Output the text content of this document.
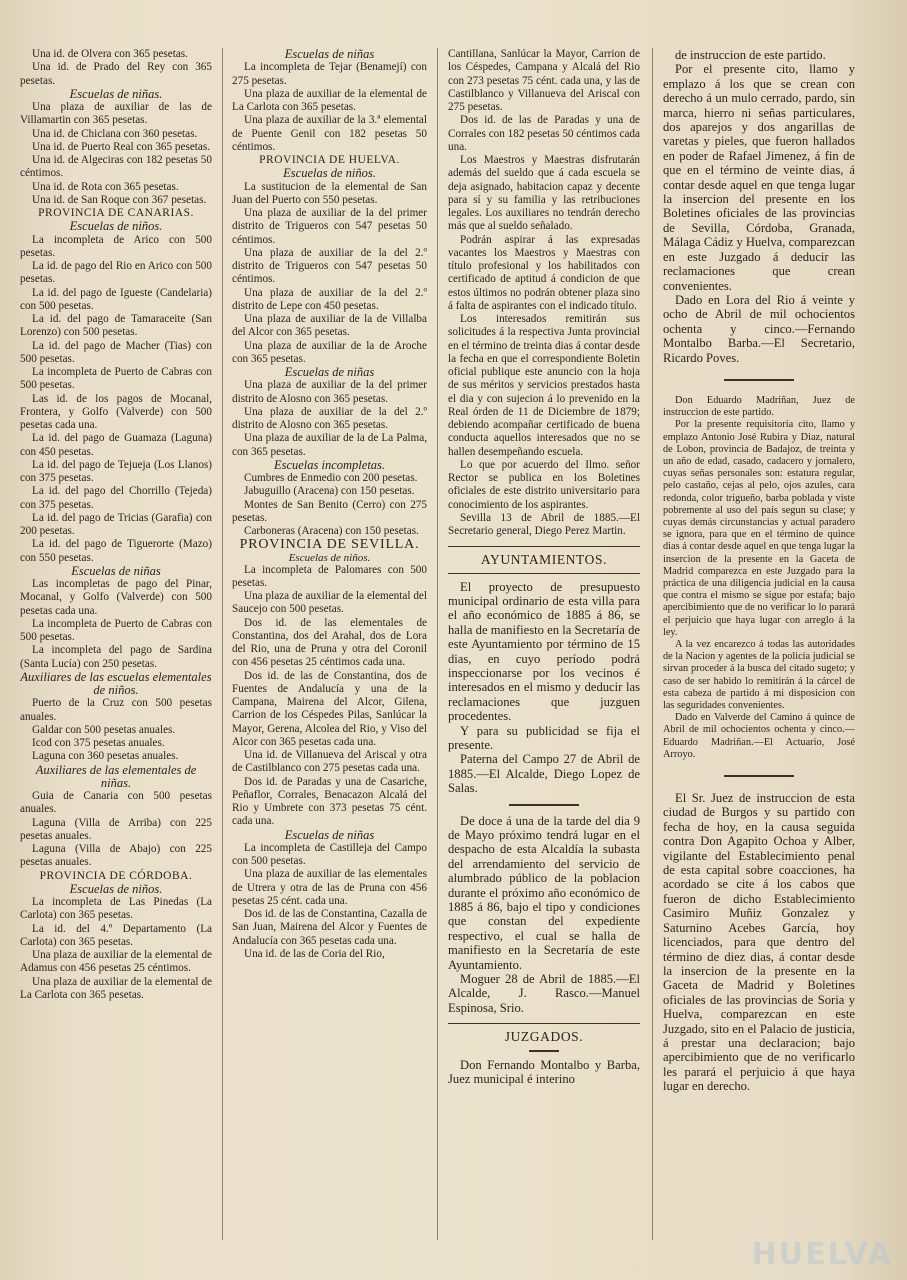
Una id. de Olvera con 365 pesetas.

Una id. de Prado del Rey con 365 pesetas.

Escuelas de niñas.

Una plaza de auxiliar de las de Villamartin con 365 pesetas.

Una id. de Chiclana con 360 pesetas.

Una id. de Puerto Real con 365 pesetas.

Una id. de Algeciras con 182 pesetas 50 céntimos.

Una id. de Rota con 365 pesetas.

Una id. de San Roque con 367 pesetas.

PROVINCIA DE CANARIAS.

Escuelas de niños.

La incompleta de Arico con 500 pesetas.

La id. de pago del Rio en Arico con 500 pesetas.

La id. del pago de Igueste (Candelaria) con 500 pesetas.

La id. del pago de Tamaraceite (San Lorenzo) con 500 pesetas.

La id. del pago de Macher (Tias) con 500 pesetas.

La incompleta de Puerto de Cabras con 500 pesetas.

Las id. de los pagos de Mocanal, Frontera, y Golfo (Valverde) con 500 pesetas cada una.

La id. del pago de Guamaza (Laguna) con 450 pesetas.

La id. del pago de Tejueja (Los Llanos) con 375 pesetas.

La id. del pago del Chorrillo (Tejeda) con 375 pesetas.

La id. del pago de Tricias (Garafia) con 200 pesetas.

La id. del pago de Tiguerorte (Mazo) con 550 pesetas.

Escuelas de niñas

Las incompletas de pago del Pinar, Mocanal, y Golfo (Valverde) con 500 pesetas cada una.

La incompleta de Puerto de Cabras con 500 pesetas.

La incompleta del pago de Sardina (Santa Lucía) con 250 pesetas.

Auxiliares de las escuelas elementales de niños.

Puerto de la Cruz con 500 pesetas anuales.

Galdar con 500 pesetas anuales.

Icod con 375 pesetas anuales.

Laguna con 360 pesetas anuales.

Auxiliares de las elementales de niñas.

Guia de Canaria con 500 pesetas anuales.

Laguna (Villa de Arriba) con 225 pesetas anuales.

Laguna (Villa de Abajo) con 225 pesetas anuales.

PROVINCIA DE CÓRDOBA.

Escuelas de niños.

La incompleta de Las Pinedas (La Carlota) con 365 pesetas.

La id. del 4.º Departamento (La Carlota) con 365 pesetas.

Una plaza de auxiliar de la elemental de Adamus con 456 pesetas 25 céntimos.

Una plaza de auxiliar de la elemental de La Carlota con 365 pesetas.

Escuelas de niñas

La incompleta de Tejar (Benamejí) con 275 pesetas.

Una plaza de auxiliar de la elemental de La Carlota con 365 pesetas.

Una plaza de auxiliar de la 3.ª elemental de Puente Genil con 182 pesetas 50 céntimos.

PROVINCIA DE HUELVA.

Escuelas de niños.

La sustitucion de la elemental de San Juan del Puerto con 550 pesetas.

Una plaza de auxiliar de la del primer distrito de Trigueros con 547 pesetas 50 céntimos.

Una plaza de auxiliar de la del 2.º distrito de Trigueros con 547 pesetas 50 céntimos.

Una plaza de auxiliar de la del 2.º distrito de Lepe con 450 pesetas.

Una plaza de auxiliar de la de Villalba del Alcor con 365 pesetas.

Una plaza de auxiliar de la de Aroche con 365 pesetas.

Escuelas de niñas

Una plaza de auxiliar de la del primer distrito de Alosno con 365 pesetas.

Una plaza de auxiliar de la del 2.º distrito de Alosno con 365 pesetas.

Una plaza de auxiliar de la de La Palma, con 365 pesetas.

Escuelas incompletas.

Cumbres de Enmedio con 200 pesetas.

Jabuguillo (Aracena) con 150 pesetas.

Montes de San Benito (Cerro) con 275 pesetas.

Carboneras (Aracena) con 150 pesetas.

PROVINCIA DE SEVILLA.

Escuelas de niños.

La incompleta de Palomares con 500 pesetas.

Una plaza de auxiliar de la elemental del Saucejo con 500 pesetas.

Dos id. de las elementales de Constantina, dos del Arahal, dos de Lora del Rio, una de Pruna y otra del Coronil con 456 pesetas 25 céntimos cada una.

Dos id. de las de Constantina, dos de Fuentes de Andalucía y una de la Campana, Mairena del Alcor, Gilena, Carrion de los Céspedes Pilas, Sanlúcar la Mayor, Gerena, Alcolea del Rio, y Viso del Alcor con 365 pesetas cada una.

Una id. de Villanueva del Ariscal y otra de Castilblanco con 275 pesetas cada una.

Dos id. de Paradas y una de Casariche, Peñaflor, Corrales, Benacazon Alcalá del Rio y Umbrete con 373 pesetas 75 cént. cada una.

Escuelas de niñas

La incompleta de Castilleja del Campo con 500 pesetas.

Una plaza de auxiliar de las elementales de Utrera y otra de las de Pruna con 456 pesetas 25 cént. cada una.

Dos id. de las de Constantina, Cazalla de San Juan, Mairena del Alcor y Fuentes de Andalucía con 365 pesetas cada una.

Una id. de las de Coria del Rio,

Cantillana, Sanlúcar la Mayor, Carrion de los Céspedes, Campana y Alcalá del Rio con 273 pesetas 75 cént. cada una, y las de Castilblanco y Villanueva del Ariscal con 275 pesetas.

Dos id. de las de Paradas y una de Corrales con 182 pesetas 50 céntimos cada una.

Los Maestros y Maestras disfrutarán además del sueldo que á cada escuela se deja asignado, habitacion capaz y decente para sí y su familia y las retribuciones legales. Los auxiliares no tendrán derecho más que al sueldo señalado.

Podrán aspirar á las expresadas vacantes los Maestros y Maestras con título profesional y los habilitados con certificado de aptitud á condicion de que estos últimos no podrán obtener plaza sino á falta de aspirantes con el indicado título.

Los interesados remitirán sus solicitudes á la respectiva Junta provincial en el término de treinta dias á contar desde la fecha en que el correspondiente Boletin oficial publique este anuncio con la hoja de sus méritos y servicios prestados hasta el dia y con sujecion á lo prevenido en la Real órden de 11 de Diciembre de 1879; debiendo acompañar certificado de buena conducta aquellos interesados que no se hallen desempeñando escuela.

Lo que por acuerdo del Ilmo. señor Rector se publica en los Boletines oficiales de este distrito universitario para conocimiento de los aspirantes.

Sevilla 13 de Abril de 1885.—El Secretario general, Diego Perez Martin.

AYUNTAMIENTOS.

El proyecto de presupuesto municipal ordinario de esta villa para el año económico de 1885 á 86, se halla de manifiesto en la Secretaría de este Ayuntamiento por término de 15 dias, en cuyo período podrá inspeccionarse por los vecinos é interesados en el mismo y deducir las reclamaciones que juzguen procedentes.

Y para su publicidad se fija el presente.

Paterna del Campo 27 de Abril de 1885.—El Alcalde, Diego Lopez de Salas.

De doce á una de la tarde del dia 9 de Mayo próximo tendrá lugar en el despacho de esta Alcaldía la subasta del arrendamiento del servicio de alumbrado público de la poblacion durante el próximo año económico de 1885 á 86, bajo el tipo y condiciones que constan del expediente respectivo, el cual se halla de manifiesto en la Secretaría de este Ayuntamiento.

Moguer 28 de Abril de 1885.—El Alcalde, J. Rasco.—Manuel Espinosa, Srio.

JUZGADOS.

Don Fernando Montalbo y Barba, Juez municipal é interino

de instruccion de este partido.

Por el presente cito, llamo y emplazo á los que se crean con derecho á un mulo cerrado, pardo, sin marca, hierro ni señas particulares, dos aparejos y dos angarillas de varetas y pieles, que fueron hallados en poder de Rafael Jimenez, á fin de que en el término de veinte dias, á contar desde aquel en que tenga lugar la insercion del presente en los Boletines oficiales de las provincias de Sevilla, Córdoba, Granada, Málaga Cádiz y Huelva, comparezcan en este Juzgado á deducir las reclamaciones que crean convenientes.

Dado en Lora del Rio á veinte y ocho de Abril de mil ochocientos ochenta y cinco.—Fernando Montalbo Barba.—El Secretario, Ricardo Poves.

Don Eduardo Madriñan, Juez de instruccion de este partido.

Por la presente requisitoria cito, llamo y emplazo Antonio José Rubira y Diaz, natural de Lobon, provincia de Badajoz, de treinta y un año de edad, casado, cadacero y jornalero, cuyas señas personales son: estatura regular, pelo castaño, cejas al pelo, ojos azules, cara redonda, color trigueño, barba poblada y viste pobremente al uso del país segun su clase; y cuyas demás circunstancias y actual paradero se ignora, para que en el término de quince dias á contar desde aquel en que tenga lugar la insercion de la presente en la Gaceta de Madrid comparezca en este Juzgado para la práctica de una diligencia judicial en la causa que contra el mismo se sigue por estafa; bajo apercibimiento que de no verificar lo lo parará el perjuicio que haya lugar con arreglo á la ley.

A la vez encarezco á todas las autoridades de la Nacion y agentes de la policía judicial se sirvan proceder á la busca del citado sugeto; y caso de ser habido lo remitirán á la cárcel de esta cabeza de partido á mi disposicion con las seguridades convenientes.

Dado en Valverde del Camino á quince de Abril de mil ochocientos ochenta y cinco.—Eduardo Madriñan.—El Actuario, José Arroyo.

El Sr. Juez de instruccion de esta ciudad de Burgos y su partido con fecha de hoy, en la causa seguida contra Don Agapito Ochoa y Alber, vigilante del Establecimiento penal de esta capital sobre coacciones, ha acordado se cite á los cabos que fueron de dicho Establecimiento Casimiro Muñiz Gonzalez y Saturnino Acebes García, hoy licenciados, para que dentro del término de diez dias, á contar desde la insercion de la presente en la Gaceta de Madrid y Boletines oficiales de las provincias de Soria y Huelva, comparezcan en este Juzgado, sito en el Palacio de justicia, á prestar una declaracion; bajo apercibimiento que de no verificarlo les parará el perjuicio á que haya lugar en derecho.

HUELVA
